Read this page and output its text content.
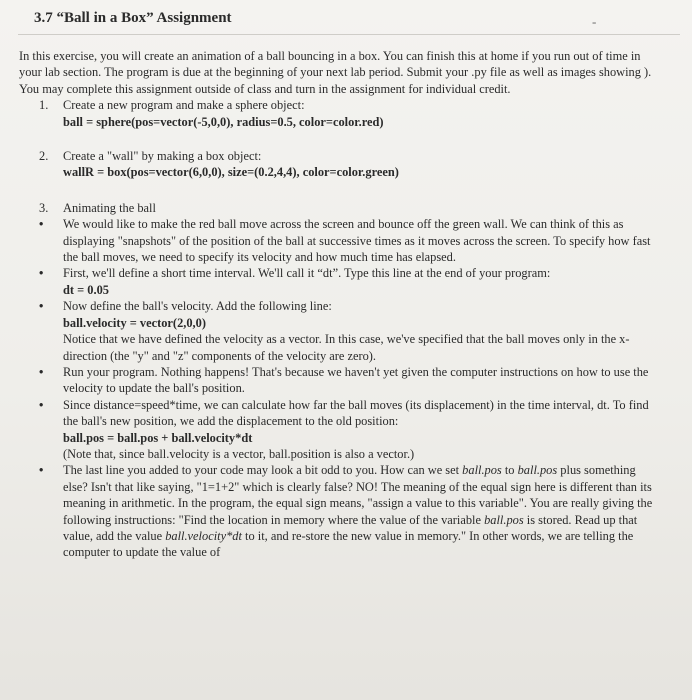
3.7 “Ball in a Box” Assignment	-

In this exercise, you will create an animation of a ball bouncing in a box. You can finish this at home if you run out of time in your lab section. The program is due at the beginning of your next lab period. Submit your .py file as well as images showing ). You may complete this assignment outside of class and turn in the assignment for individual credit.

1. Create a new program and make a sphere object:
ball = sphere(pos=vector(-5,0,0), radius=0.5, color=color.red)
2. Create a "wall" by making a box object:
wallR = box(pos=vector(6,0,0), size=(0.2,4,4), color=color.green)
3. Animating the ball
• We would like to make the red ball move across the screen and bounce off the green wall. We can think of this as displaying "snapshots" of the position of the ball at successive times as it moves across the screen. To specify how fast the ball moves, we need to specify its velocity and how much time has elapsed.
• First, we'll define a short time interval. We'll call it “dt”. Type this line at the end of your program:
dt = 0.05
• Now define the ball's velocity. Add the following line:
ball.velocity = vector(2,0,0)
Notice that we have defined the velocity as a vector. In this case, we've specified that the ball moves only in the x-direction (the "y" and "z" components of the velocity are zero).
• Run your program. Nothing happens! That's because we haven't yet given the computer instructions on how to use the velocity to update the ball's position.
• Since distance=speed*time, we can calculate how far the ball moves (its displacement) in the time interval, dt. To find the ball's new position, we add the displacement to the old position:
ball.pos = ball.pos + ball.velocity*dt
(Note that, since ball.velocity is a vector, ball.position is also a vector.)
• The last line you added to your code may look a bit odd to you. How can we set ball.pos to ball.pos plus something else? Isn't that like saying, "1=1+2" which is clearly false? NO! The meaning of the equal sign here is different than its meaning in arithmetic. In the program, the equal sign means, "assign a value to this variable". You are really giving the following instructions: "Find the location in memory where the value of the variable ball.pos is stored. Read up that value, add the value ball.velocity*dt to it, and re-store the new value in memory." In other words, we are telling the computer to update the value of
